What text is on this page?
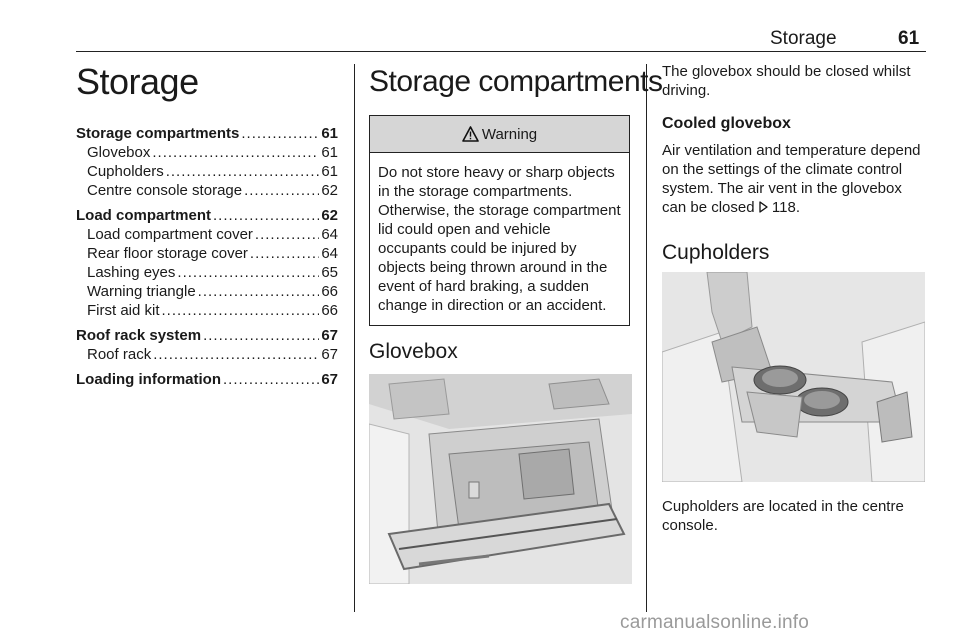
Storage	61
Storage
Storage compartments .....	61
Glovebox .....	61
Cupholders .....	61
Centre console storage .....	62
Load compartment .....	62
Load compartment cover .....	64
Rear floor storage cover .....	64
Lashing eyes .....	65
Warning triangle .....	66
First aid kit .....	66
Roof rack system .....	67
Roof rack .....	67
Loading information .....	67
Storage compartments
Warning
Do not store heavy or sharp objects in the storage compartments. Otherwise, the storage compartment lid could open and vehicle occupants could be injured by objects being thrown around in the event of hard braking, a sudden change in direction or an accident.
Glovebox

The glovebox should be closed whilst driving.

Cooled glovebox

Air ventilation and temperature depend on the settings of the climate control system. The air vent in the glovebox can be closed 118.

Cupholders

Cupholders are located in the centre console.

carmanualsonline.info
